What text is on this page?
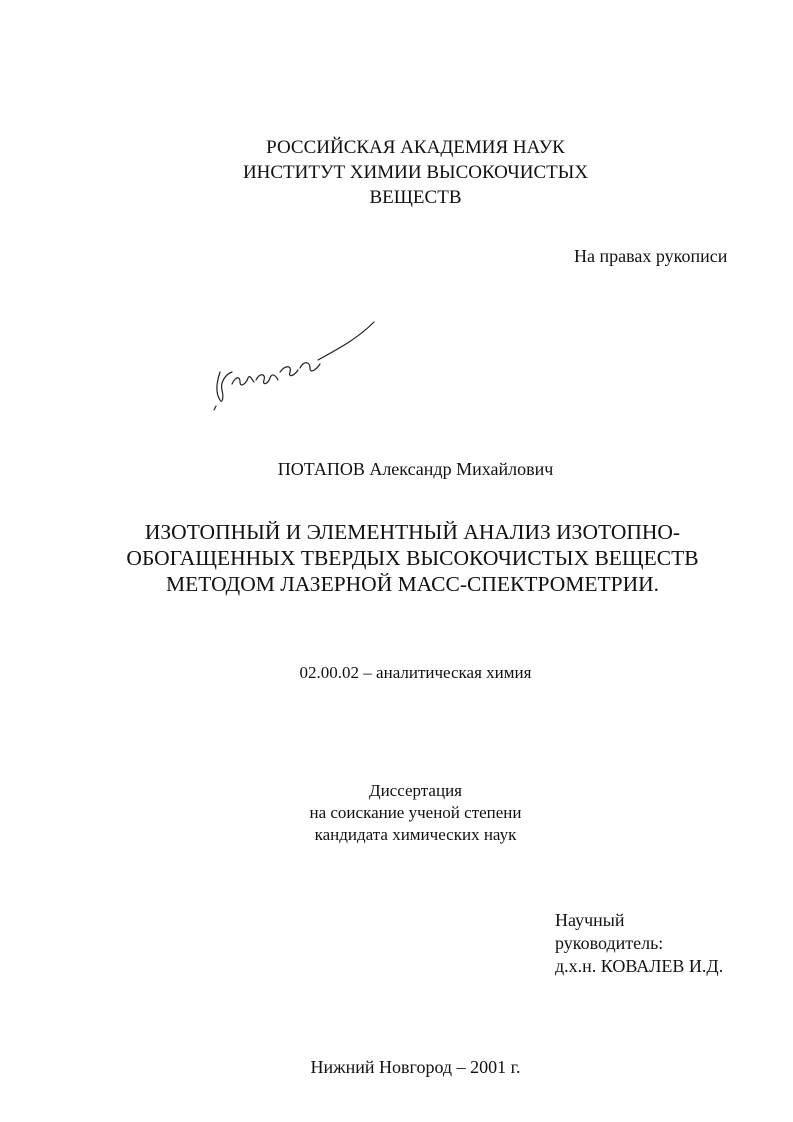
РОССИЙСКАЯ АКАДЕМИЯ НАУК
ИНСТИТУТ ХИМИИ ВЫСОКОЧИСТЫХ
ВЕЩЕСТВ
На правах рукописи
ПОТАПОВ Александр Михайлович
ИЗОТОПНЫЙ И ЭЛЕМЕНТНЫЙ АНАЛИЗ ИЗОТОПНО-
ОБОГАЩЕННЫХ ТВЕРДЫХ ВЫСОКОЧИСТЫХ ВЕЩЕСТВ
МЕТОДОМ ЛАЗЕРНОЙ МАСС-СПЕКТРОМЕТРИИ.
02.00.02 – аналитическая химия
Диссертация
на соискание ученой степени
кандидата химических наук
Научный
руководитель:
д.х.н. КОВАЛЕВ И.Д.
Нижний Новгород – 2001 г.
